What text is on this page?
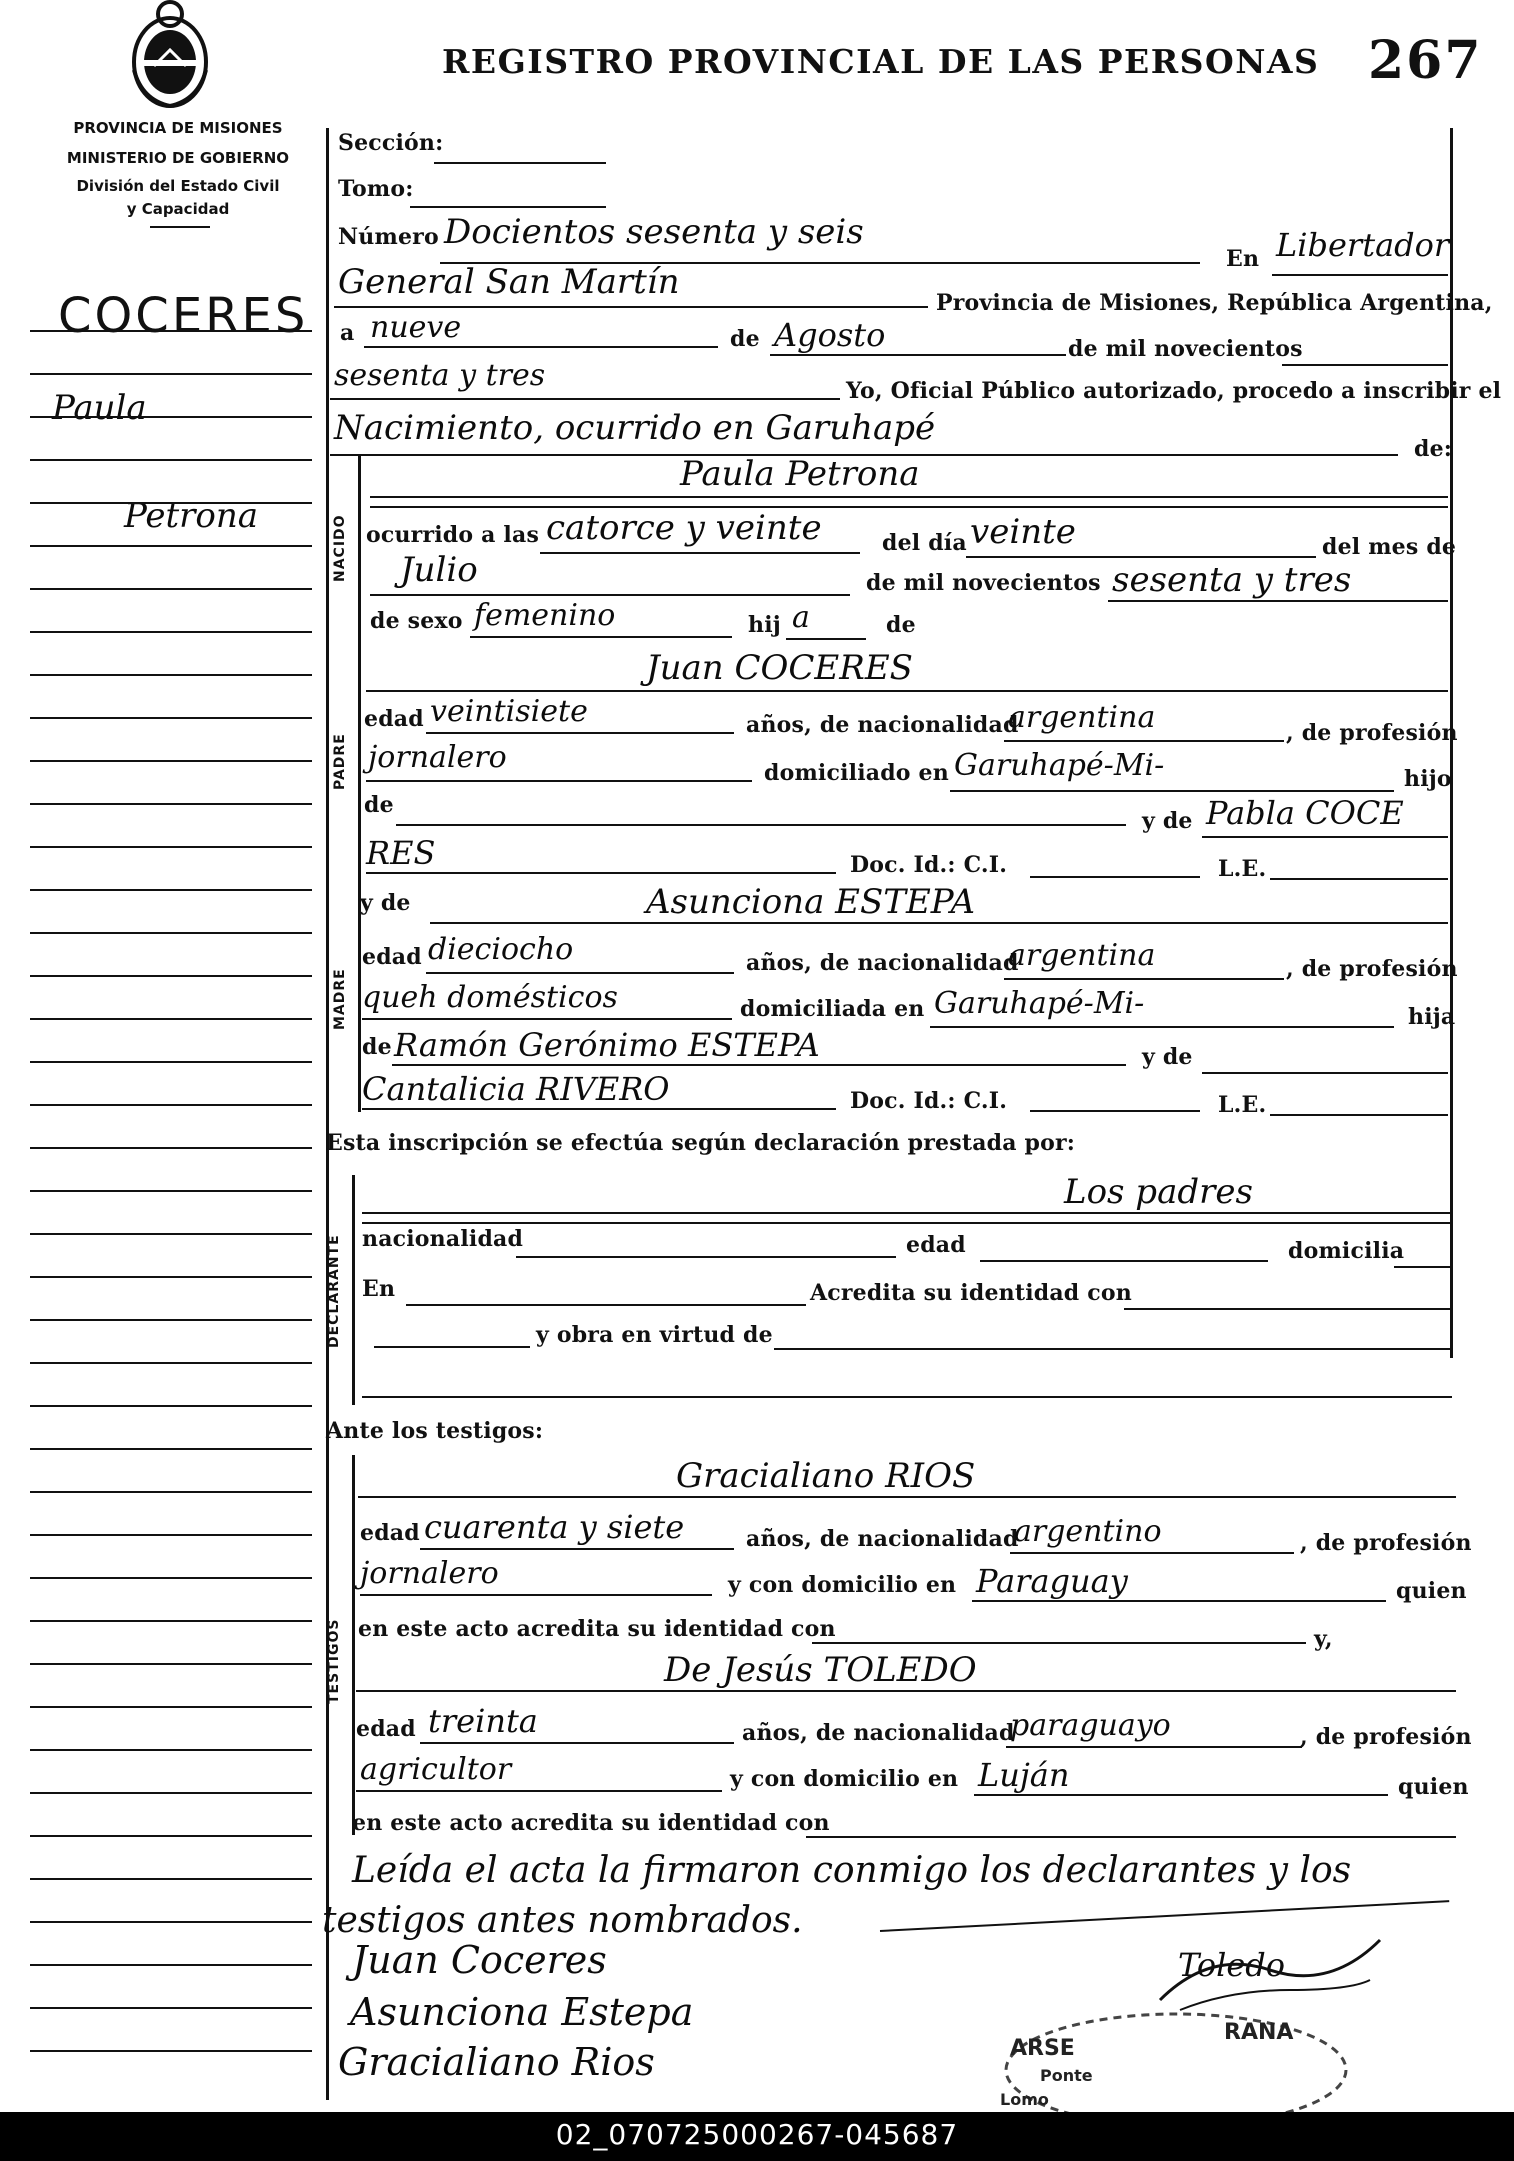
REGISTRO PROVINCIAL DE LAS PERSONAS 267
PROVINCIA DE MISIONES
MINISTERIO DE GOBIERNO
División del Estado Civil
y Capacidad
COCERES
Paula
Petrona	NACIDO
PADRE
MADRE
DECLARANTE
TESTIGOS
Sección:
Tomo:
Número Docientos sesenta y seis
En Libertador
General San Martín
Provincia de Misiones, República Argentina,
a nueve	de Agosto	de mil novecientos
sesenta y tres	Yo, Oficial Público autorizado, procedo a inscribir el
Nacimiento, ocurrido en Garuhapé
de:
Paula Petrona
ocurrido a las catorce y veinte	del día veinte	del mes de
Julio	de mil novecientos sesenta y tres
de sexo femenino	hij a	de
Juan COCERES
edad veintisiete	años, de nacionalidad
argentina	, de profesión
jornalero	domiciliado en Garuhapé-Mi-	hijo
de
y de Pabla COCE
RES	Doc. Id.: C.I.	L.E.
y de	Asunciona ESTEPA
edad dieciocho	años, de nacionalidad
argentina	, de profesión
queh domésticos	domiciliada en Garuhapé-Mi-	hija
de Ramón Gerónimo ESTEPA	y de
Cantalicia RIVERO	Doc. Id.: C.I.	L.E.
Esta inscripción se efectúa según declaración prestada por:
Los padres
nacionalidad	edad	domicilia
En	Acredita su identidad con
y obra en virtud de
Ante los testigos:
Gracialiano RIOS
edad cuarenta y siete	años, de nacionalidad
argentino	, de profesión
jornalero	y con domicilio en Paraguay	quien
en este acto acredita su identidad con	y,
De Jesús TOLEDO
edad treinta	años, de nacionalidad
paraguayo	, de profesión
agricultor	y con domicilio en Luján	quien
en este acto acredita su identidad con
Leída el acta la firmaron conmigo los declarantes y los
testigos antes nombrados.
Juan Coceres
Asunciona Estepa
Gracialiano Rios
Toledo
ARSE
RANA
Ponte
Lomo
02_070725000267-045687
